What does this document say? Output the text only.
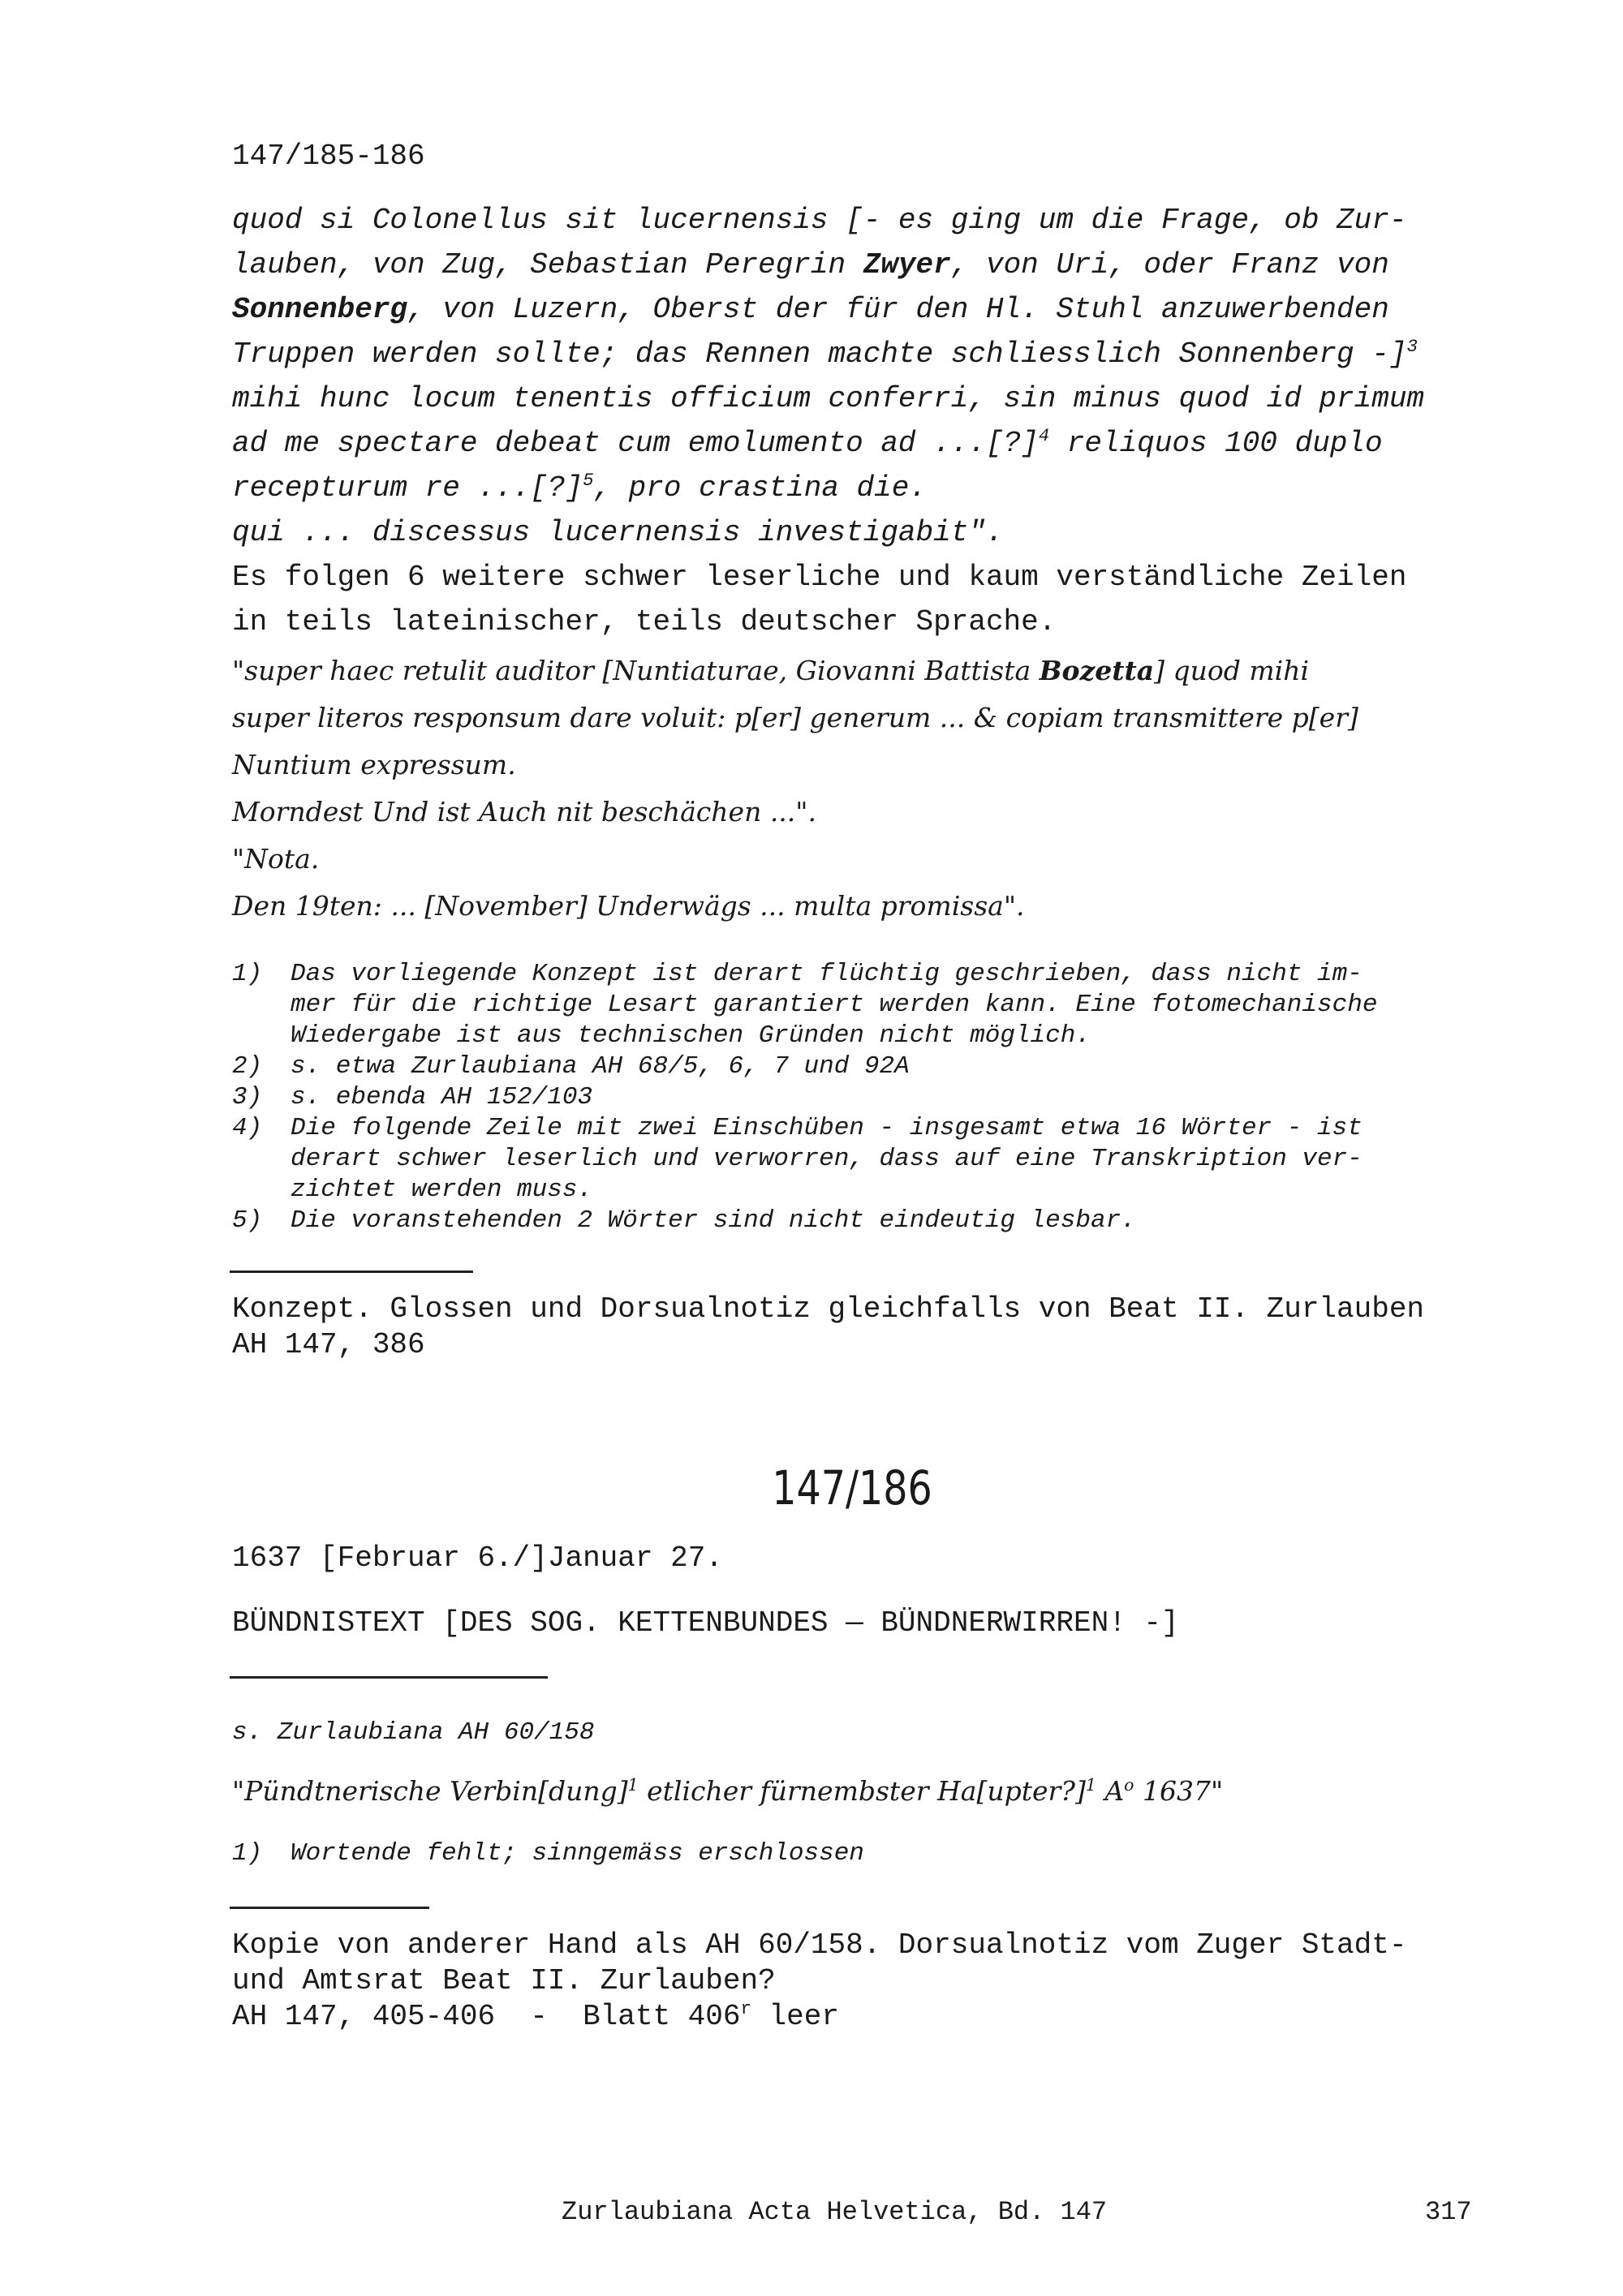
147/185-186
quod si Colonellus sit lucernensis [- es ging um die Frage, ob Zur-
lauben, von Zug, Sebastian Peregrin Zwyer, von Uri, oder Franz von
Sonnenberg, von Luzern, Oberst der für den Hl. Stuhl anzuwerbenden
Truppen werden sollte; das Rennen machte schliesslich Sonnenberg -]$^3$
mihi hunc locum tenentis officium conferri, sin minus quod id primum
ad me spectare debeat cum emolumento ad ...[?]$^4$ reliquos 100 duplo
recepturum re ...[?]$^5$, pro crastina die.
qui ... discessus lucernensis investigabit".
Es folgen 6 weitere schwer leserliche und kaum verständliche Zeilen
in teils lateinischer, teils deutscher Sprache.
"super haec retulit auditor [Nuntiaturae, Giovanni Battista Bozetta] quod mihi
super literos responsum dare voluit: p[er] generum ... & copiam transmittere p[er]
Nuntium expressum.
Morndest Und ist Auch nit beschächen ...".
"Nota.
Den 19ten: ... [November] Underwägs ... multa promissa".
1) Das vorliegende Konzept ist derart flüchtig geschrieben, dass nicht im-
mer für die richtige Lesart garantiert werden kann. Eine fotomechanische
Wiedergabe ist aus technischen Gründen nicht möglich.
2) s. etwa Zurlaubiana AH 68/5, 6, 7 und 92A
3) s. ebenda AH 152/103
4) Die folgende Zeile mit zwei Einschüben - insgesamt etwa 16 Wörter - ist
derart schwer leserlich und verworren, dass auf eine Transkription ver-
zichtet werden muss.
5) Die voranstehenden 2 Wörter sind nicht eindeutig lesbar.
Konzept. Glossen und Dorsualnotiz gleichfalls von Beat II. Zurlauben
AH 147, 386
147/186
1637 [Februar 6./]Januar 27.
BÜNDNISTEXT [DES SOG. KETTENBUNDES — BÜNDNERWIRREN! -]
s. Zurlaubiana AH 60/158
"Pündtnerische Verbin[dung]$^1$ etlicher fürnembster Ha[upter?]$^1$ $A^o$ 1637"
1) Wortende fehlt; sinngemäss erschlossen
Kopie von anderer Hand als AH 60/158. Dorsualnotiz vom Zuger Stadt-
und Amtsrat Beat II. Zurlauben?
AH 147, 405-406  -  Blatt 406$^r$ leer
Zurlaubiana Acta Helvetica, Bd. 147	317
